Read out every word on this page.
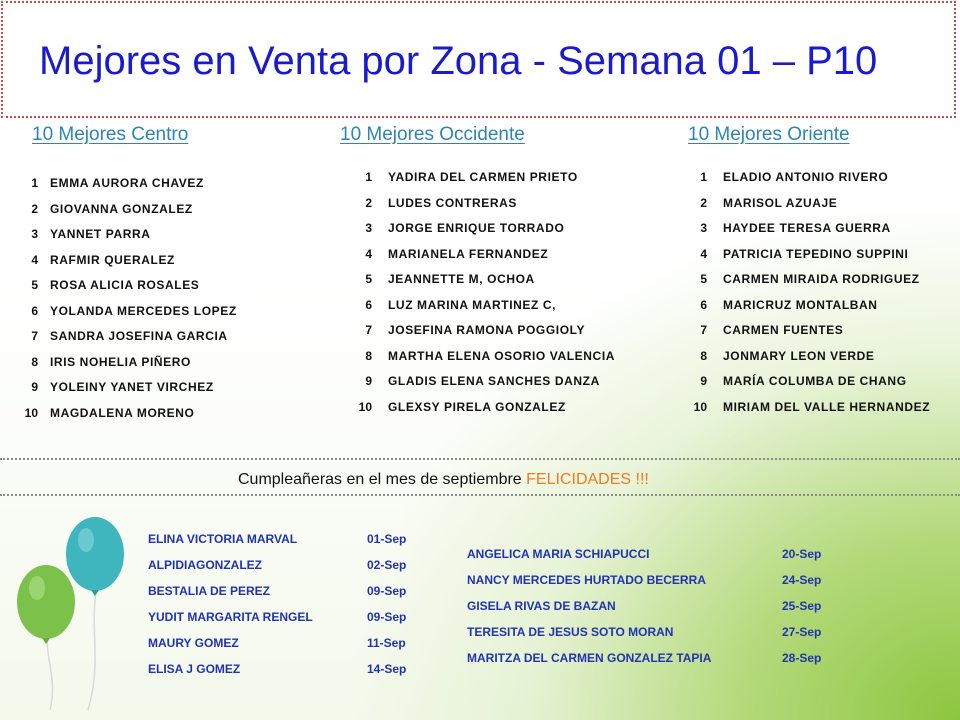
Mejores en Venta por Zona - Semana 01 – P10
10 Mejores Centro	10 Mejores Occidente	10 Mejores Oriente
1 EMMA AURORA CHAVEZ
2 GIOVANNA GONZALEZ
3 YANNET PARRA
4 RAFMIR QUERALEZ
5 ROSA ALICIA ROSALES
6 YOLANDA MERCEDES LOPEZ
7 SANDRA JOSEFINA GARCIA
8 IRIS NOHELIA PIÑERO
9 YOLEINY YANET VIRCHEZ
10 MAGDALENA MORENO
1 YADIRA DEL CARMEN PRIETO
2 LUDES CONTRERAS
3 JORGE ENRIQUE TORRADO
4 MARIANELA FERNANDEZ
5 JEANNETTE M, OCHOA
6 LUZ MARINA MARTINEZ C,
7 JOSEFINA RAMONA POGGIOLY
8 MARTHA ELENA OSORIO VALENCIA
9 GLADIS ELENA SANCHES DANZA
10 GLEXSY PIRELA GONZALEZ
1 ELADIO ANTONIO RIVERO
2 MARISOL AZUAJE
3 HAYDEE TERESA GUERRA
4 PATRICIA TEPEDINO SUPPINI
5 CARMEN MIRAIDA RODRIGUEZ
6 MARICRUZ MONTALBAN
7 CARMEN FUENTES
8 JONMARY LEON VERDE
9 MARÍA COLUMBA DE CHANG
10 MIRIAM DEL VALLE HERNANDEZ
Cumpleañeras en el mes de septiembre FELICIDADES !!!
ELINA VICTORIA MARVAL	01-Sep
ALPIDIAGONZALEZ	02-Sep
BESTALIA DE PEREZ	09-Sep
YUDIT MARGARITA RENGEL	09-Sep
MAURY GOMEZ	11-Sep
ELISA J GOMEZ	14-Sep
ANGELICA MARIA SCHIAPUCCI	20-Sep
NANCY MERCEDES HURTADO BECERRA	24-Sep
GISELA RIVAS DE BAZAN	25-Sep
TERESITA DE JESUS SOTO MORAN	27-Sep
MARITZA DEL CARMEN GONZALEZ TAPIA	28-Sep
